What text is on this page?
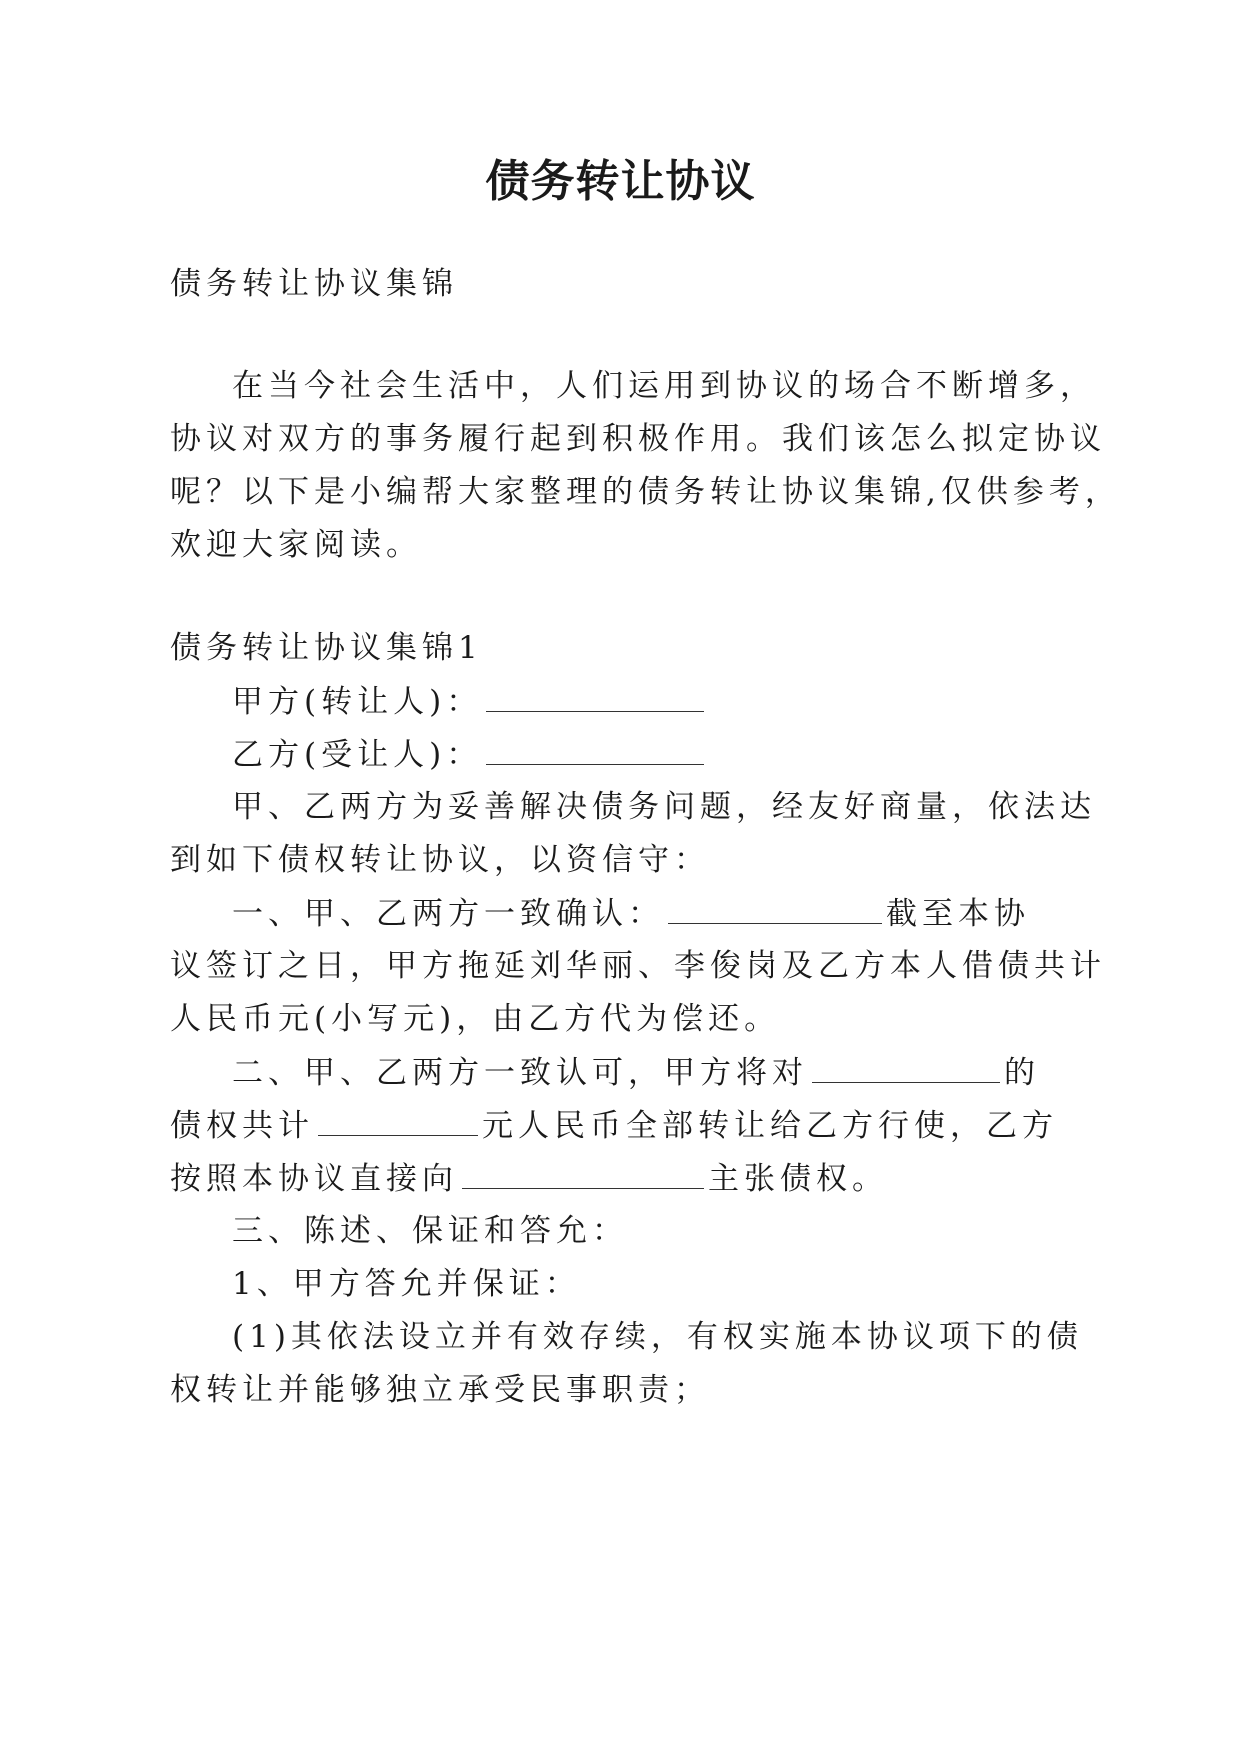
债务转让协议
债务转让协议集锦
在当今社会生活中，人们运用到协议的场合不断增多，
协议对双方的事务履行起到积极作用。我们该怎么拟定协议
呢？以下是小编帮大家整理的债务转让协议集锦,仅供参考，
欢迎大家阅读。
债务转让协议集锦1
甲方(转让人)：
乙方(受让人)：
甲、乙两方为妥善解决债务问题，经友好商量，依法达
到如下债权转让协议，以资信守：
一、甲、乙两方一致确认：	截至本协
议签订之日，甲方拖延刘华丽、李俊岗及乙方本人借债共计
人民币元(小写元)，由乙方代为偿还。
二、甲、乙两方一致认可，甲方将对	的
债权共计	元人民币全部转让给乙方行使，乙方
按照本协议直接向	主张债权。
三、陈述、保证和答允：
1、甲方答允并保证：
(1)其依法设立并有效存续，有权实施本协议项下的债
权转让并能够独立承受民事职责；
